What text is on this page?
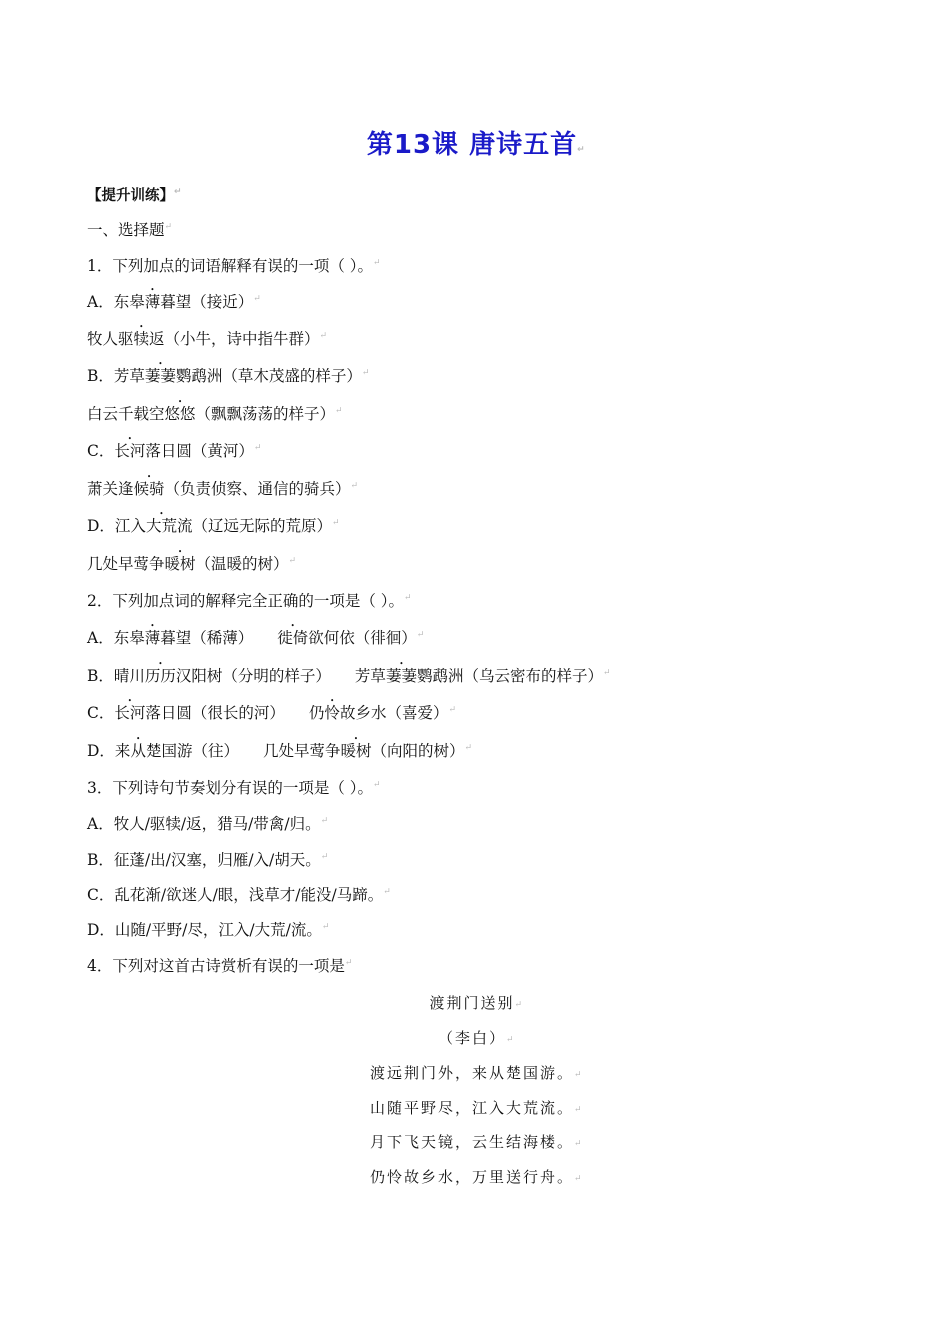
第13课 唐诗五首↵
【提升训练】↵
一、选择题↵
1．下列加点的词语解释有误的一项（ ）。↵
A．东皋薄暮望（接近）↵
牧人驱犊返（小牛，诗中指牛群）↵
B．芳草萋萋鹦鹉洲（草木茂盛的样子）↵
白云千载空悠悠（飘飘荡荡的样子）↵
C．长河落日圆（黄河）↵
萧关逢候骑（负责侦察、通信的骑兵）↵
D．江入大荒流（辽远无际的荒原）↵
几处早莺争暖树（温暖的树）↵
2．下列加点词的解释完全正确的一项是（ ）。↵
A．东皋薄暮望（稀薄） 徙倚欲何依（徘徊）↵
B．晴川历历汉阳树（分明的样子） 芳草萋萋鹦鹉洲（乌云密布的样子）↵
C．长河落日圆（很长的河） 仍怜故乡水（喜爱）↵
D．来从楚国游（往） 几处早莺争暖树（向阳的树）↵
3．下列诗句节奏划分有误的一项是（ ）。↵
A．牧人/驱犊/返，猎马/带禽/归。↵
B．征蓬/出/汉塞，归雁/入/胡天。↵
C．乱花渐/欲迷人/眼，浅草才/能没/马蹄。↵
D．山随/平野/尽，江入/大荒/流。↵
4．下列对这首古诗赏析有误的一项是↵
渡荆门送别↵
（李白）↵
渡远荆门外，来从楚国游。↵
山随平野尽，江入大荒流。↵
月下飞天镜，云生结海楼。↵
仍怜故乡水，万里送行舟。↵
